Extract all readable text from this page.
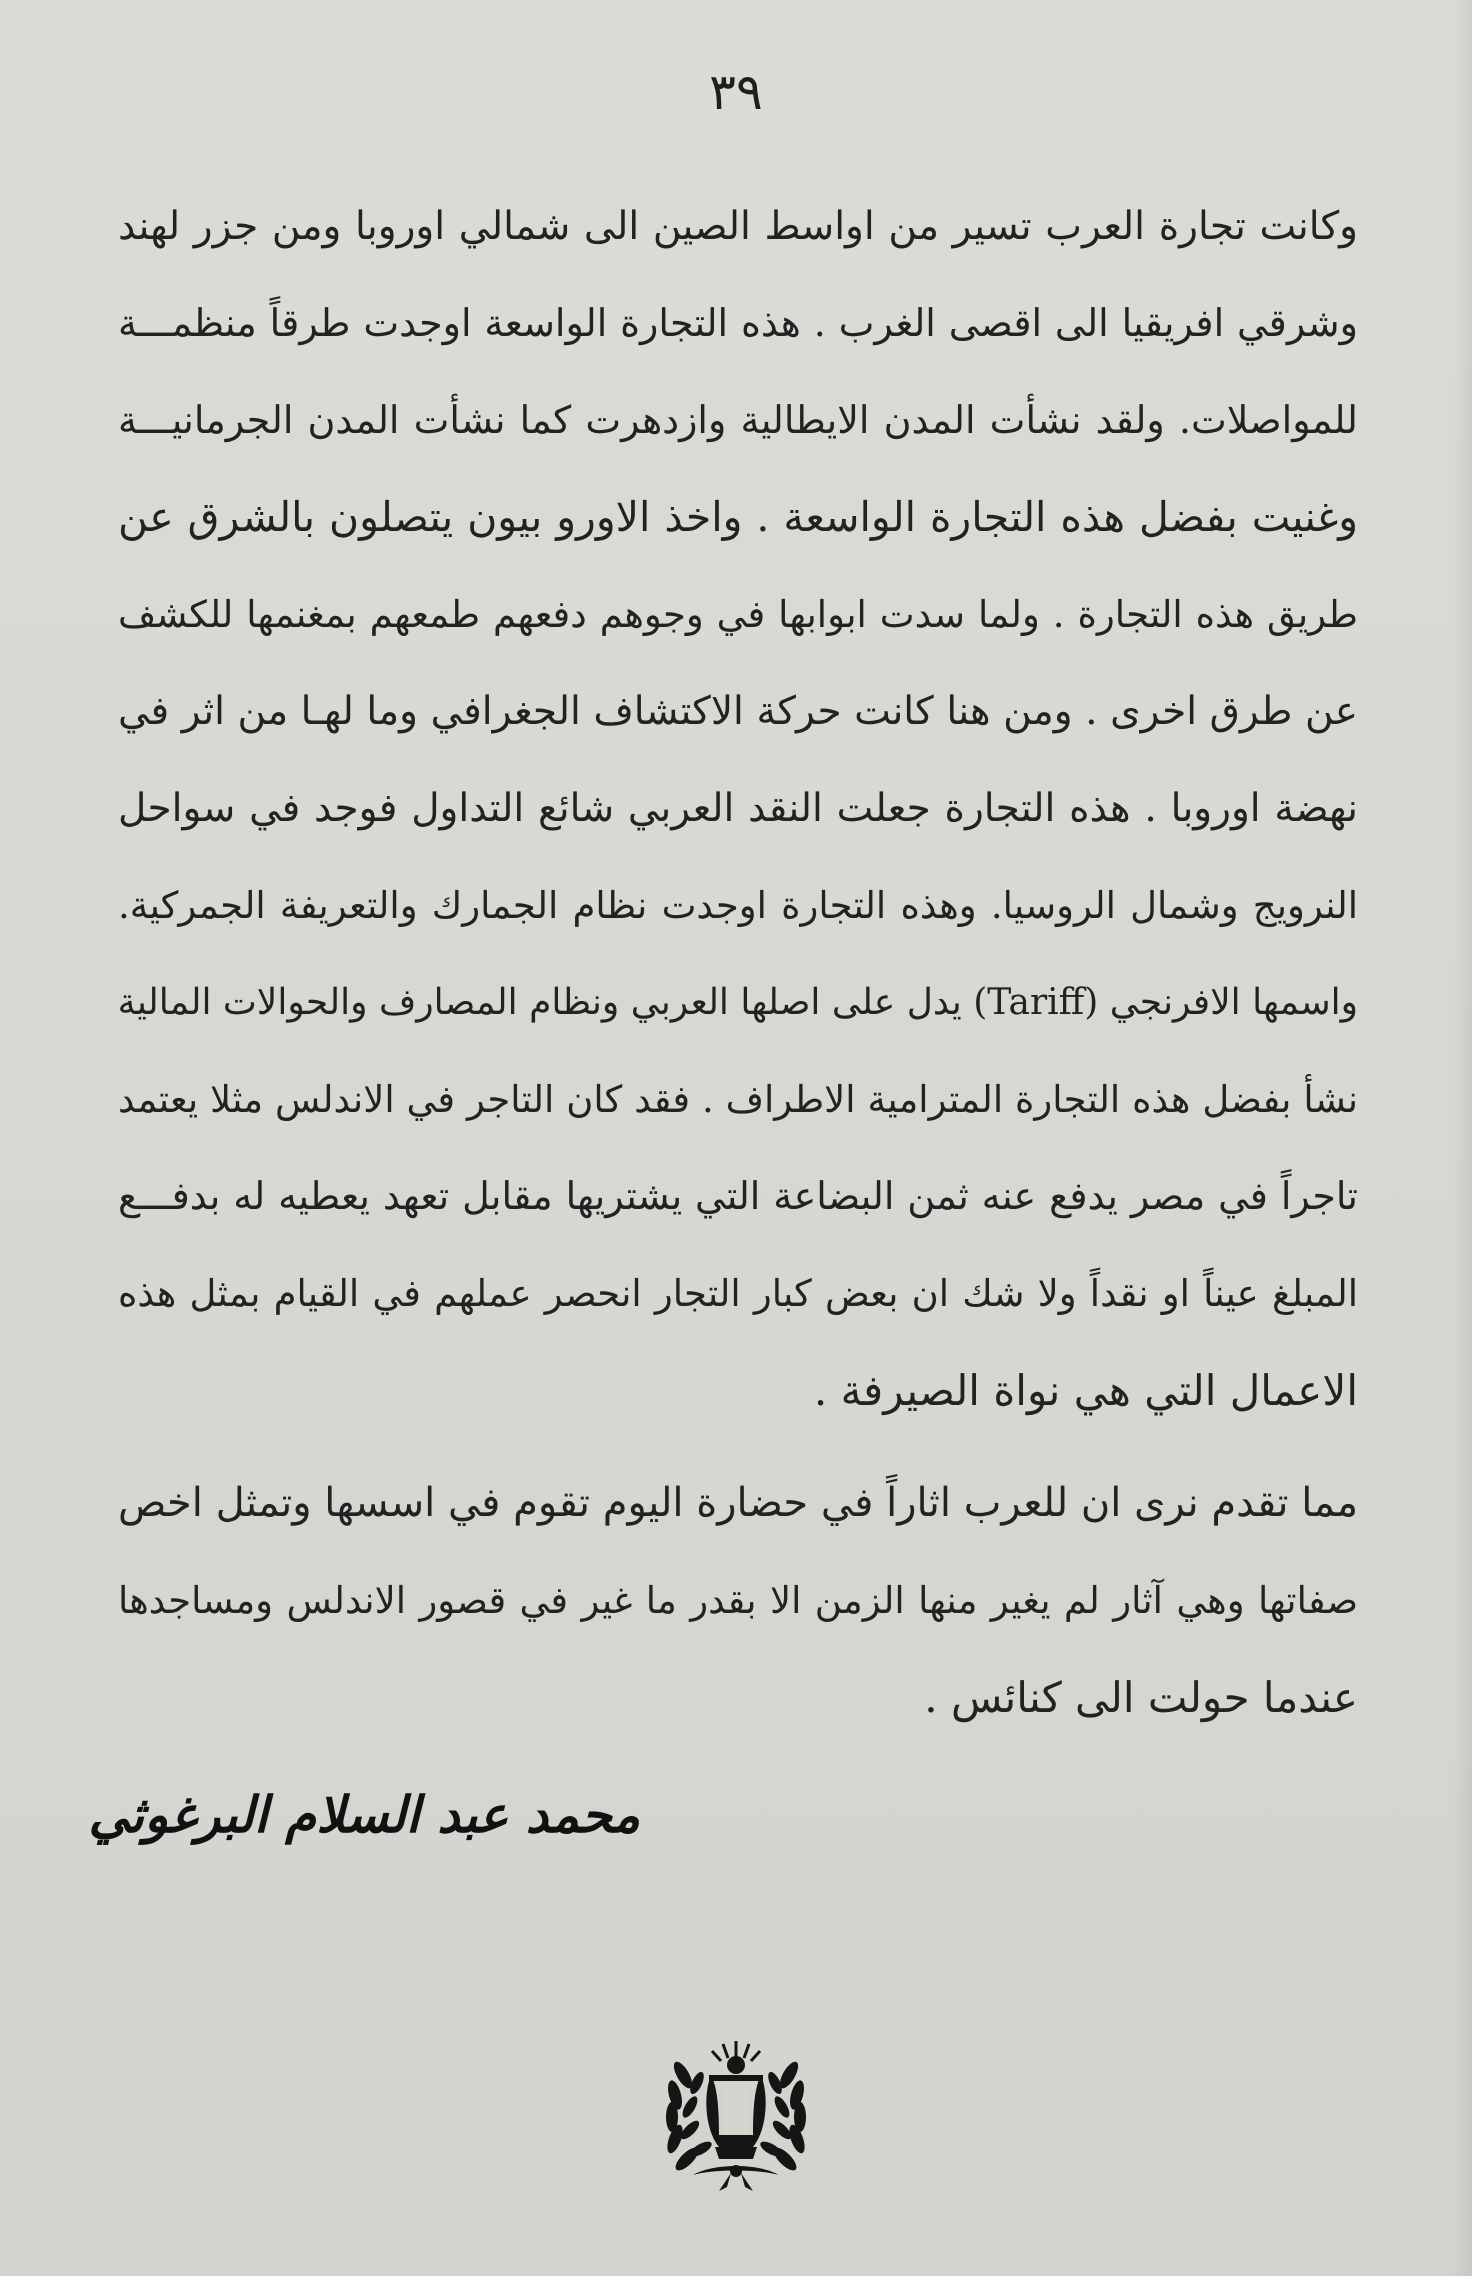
٣٩
وكانت تجارة العرب تسير من اواسط الصين الى شمالي اوروبا ومن جزر لهند
وشرقي افريقيا الى اقصى الغرب . هذه التجارة الواسعة اوجدت طرقاً منظمـــة
للمواصلات. ولقد نشأت المدن الايطالية وازدهرت كما نشأت المدن الجرمانيـــة
وغنيت بفضل هذه التجارة الواسعة . واخذ الاورو بيون يتصلون بالشرق عن
طريق هذه التجارة . ولما سدت ابوابها في وجوهم دفعهم طمعهم بمغنمها للكشف
عن طرق اخرى . ومن هنا كانت حركة الاكتشاف الجغرافي وما لهـا من اثر في
نهضة اوروبا . هذه التجارة جعلت النقد العربي شائع التداول فوجد في سواحل
النرويج وشمال الروسيا. وهذه التجارة اوجدت نظام الجمارك والتعريفة الجمركية.
واسمها الافرنجي (Tariff) يدل على اصلها العربي ونظام المصارف والحوالات المالية
نشأ بفضل هذه التجارة المترامية الاطراف . فقد كان التاجر في الاندلس مثلا يعتمد
تاجراً في مصر يدفع عنه ثمن البضاعة التي يشتريها مقابل تعهد يعطيه له بدفـــع
المبلغ عيناً او نقداً ولا شك ان بعض كبار التجار انحصر عملهم في القيام بمثل هذه
الاعمال التي هي نواة الصيرفة .
مما تقدم نرى ان للعرب اثاراً في حضارة اليوم تقوم في اسسها وتمثل اخص
صفاتها وهي آثار لم يغير منها الزمن الا بقدر ما غير في قصور الاندلس ومساجدها
عندما حولت الى كنائس .
محمد عبد السلام البرغوثي
